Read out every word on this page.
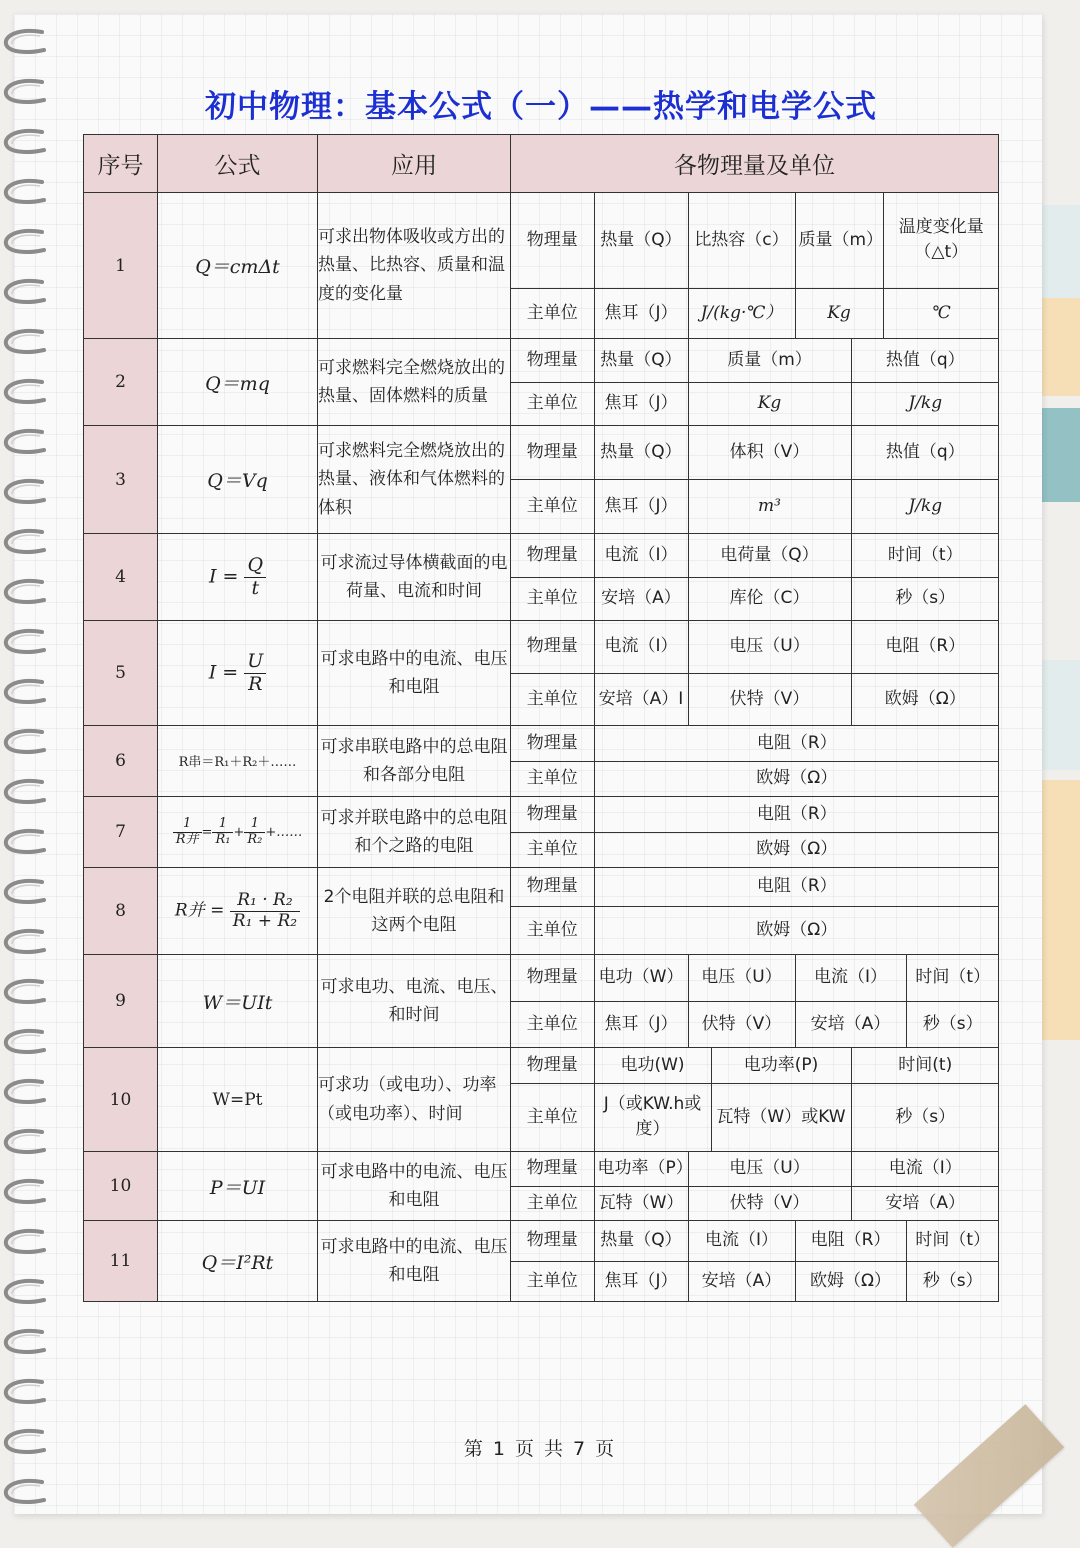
初中物理：基本公式（一）——热学和电学公式
序号	公式	应用	各物理量及单位
1	Q＝cmΔt	可求出物体吸收或方出的热量、比热容、质量和温度的变化量	
物理量	热量（Q）	比热容（c）	质量（m）	温度变化量（△t）
主单位	焦耳（J）	J/(kg·℃）	Kg	℃

2	Q＝mq	可求燃料完全燃烧放出的热量、固体燃料的质量	
物理量	热量（Q）	质量（m）	热值（q）
主单位	焦耳（J）	Kg	J/kg

3	Q＝Vq	可求燃料完全燃烧放出的热量、液体和气体燃料的体积	
物理量	热量（Q）	体积（V）	热值（q）
主单位	焦耳（J）	m³	J/kg

4	$I = \frac{Q}{t}$	可求流过导体横截面的电荷量、电流和时间	
物理量	电流（I）	电荷量（Q）	时间（t）
主单位	安培（A）	库伦（C）	秒（s）

5	$I = \frac{U}{R}$	可求电路中的电流、电压和电阻	
物理量	电流（I）	电压（U）	电阻（R）
主单位	安培（A）I	伏特（V）	欧姆（Ω）

6	R串＝R₁＋R₂＋……	可求串联电路中的总电阻和各部分电阻	
物理量	电阻（R）
主单位	欧姆（Ω）

7	$\frac{1}{\text{R并}} = \frac{1}{\text{R₁}} + \frac{1}{\text{R₂}}$ +……	可求并联电路中的总电阻和个之路的电阻	
物理量	电阻（R）
主单位	欧姆（Ω）

8	R并 = $\frac{\text{R₁ · R₂}}{\text{R₁ + R₂}}$	2个电阻并联的总电阻和这两个电阻	
物理量	电阻（R）
主单位	欧姆（Ω）

9	W＝UIt	可求电功、电流、电压、和时间	
物理量	电功（W）	电压（U）	电流（I）	时间（t）
主单位	焦耳（J）	伏特（V）	安培（A）	秒（s）

10	W=Pt	可求功（或电功）、功率（或电功率）、时间	
物理量	电功(W)	电功率(P)	时间(t)
主单位	J（或KW.h或度）	瓦特（W）或KW	秒（s）

10	P＝UI	可求电路中的电流、电压和电阻	
物理量	电功率（P）	电压（U）	电流（I）
主单位	瓦特（W）	伏特（V）	安培（A）

11	Q＝I²Rt	可求电路中的电流、电压和电阻	
物理量	热量（Q）	电流（I）	电阻（R）	时间（t）
主单位	焦耳（J）	安培（A）	欧姆（Ω）	秒（s）
第 1 页 共 7 页
